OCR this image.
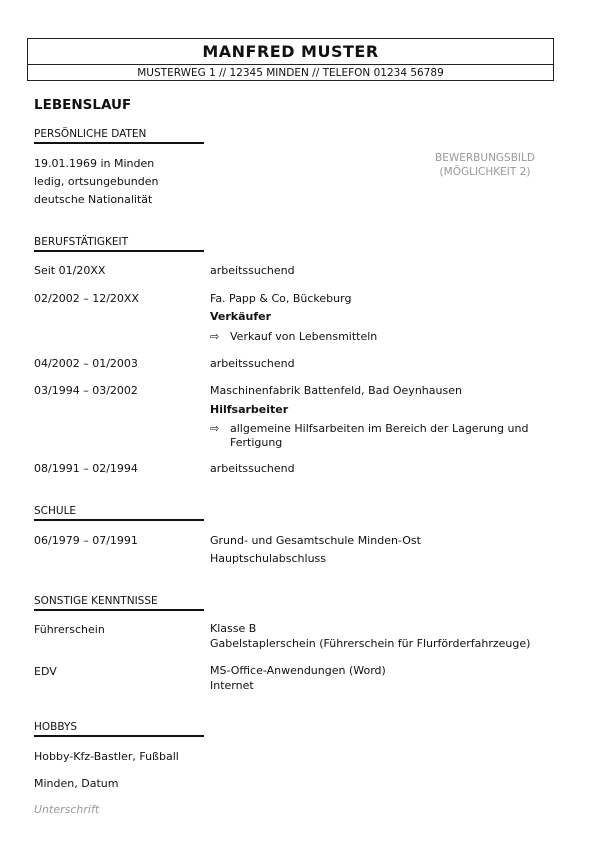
MANFRED MUSTER
MUSTERWEG 1 // 12345 MINDEN // TELEFON 01234 56789
LEBENSLAUF
PERSÖNLICHE DATEN
19.01.1969 in Minden
ledig, ortsungebunden
deutsche Nationalität
BEWERBUNGSBILD
(MÖGLICHKEIT 2)
BERUFSTÄTIGKEIT
Seit 01/20XX	arbeitssuchend
02/2002 – 12/20XX	Fa. Papp & Co, Bückeburg
Verkäufer
⇨ Verkauf von Lebensmitteln
04/2002 – 01/2003	arbeitssuchend
03/1994 – 03/2002	Maschinenfabrik Battenfeld, Bad Oeynhausen
Hilfsarbeiter
⇨ allgemeine Hilfsarbeiten im Bereich der Lagerung und Fertigung
08/1991 – 02/1994	arbeitssuchend
SCHULE
06/1979 – 07/1991	Grund- und Gesamtschule Minden-Ost
Hauptschulabschluss
SONSTIGE KENNTNISSE
Führerschein	Klasse B
Gabelstaplerschein (Führerschein für Flurförderfahrzeuge)
EDV	MS-Office-Anwendungen (Word)
Internet
HOBBYS
Hobby-Kfz-Bastler, Fußball
Minden, Datum
Unterschrift
